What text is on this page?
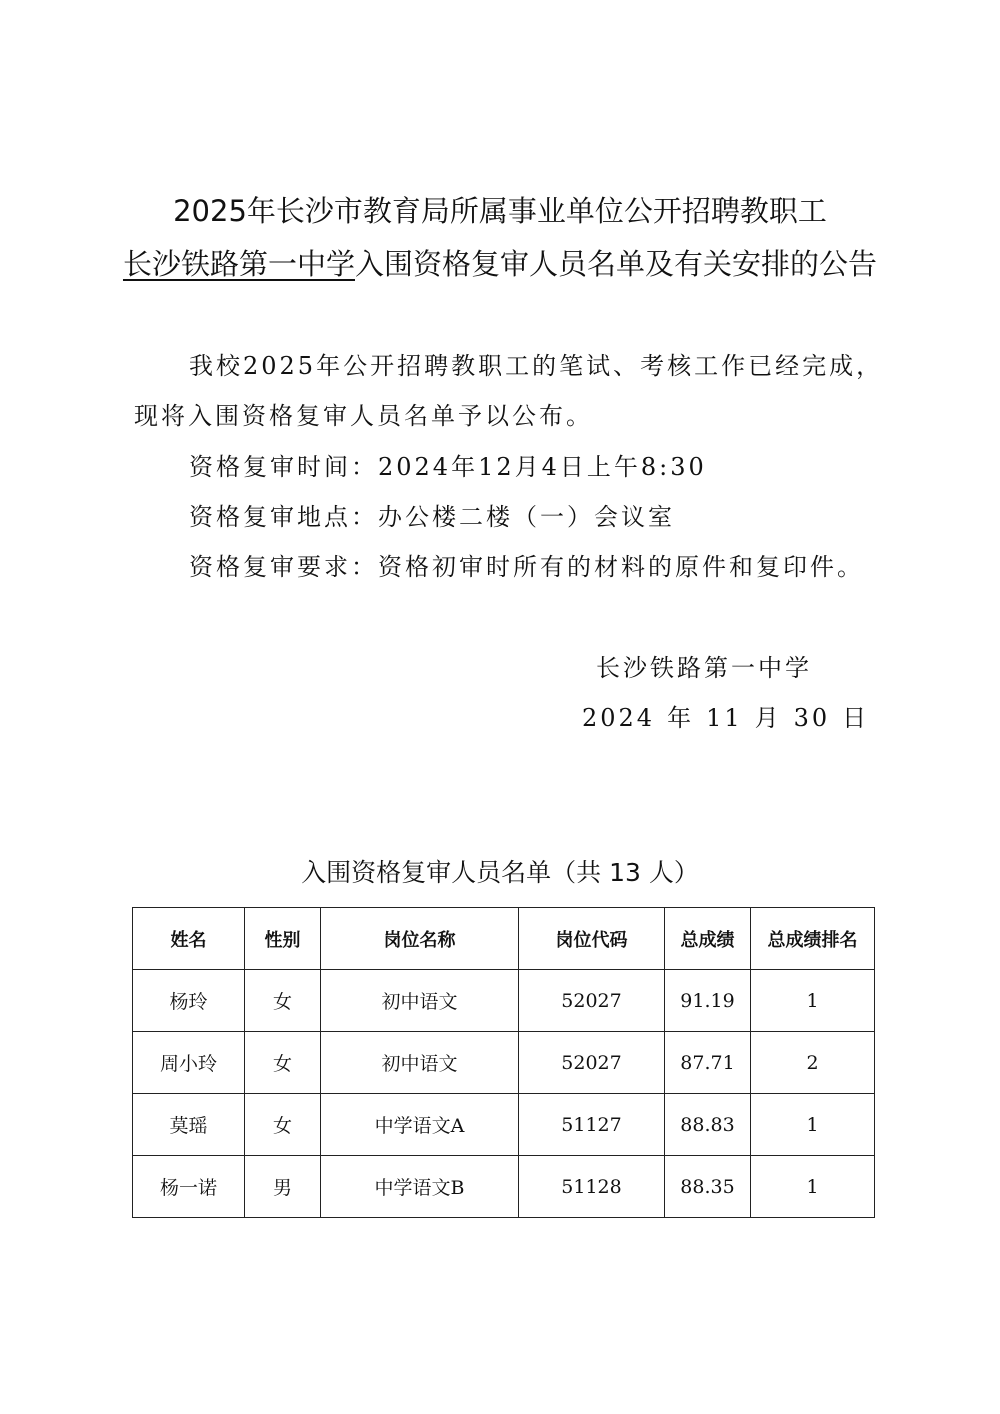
2025年长沙市教育局所属事业单位公开招聘教职工
长沙铁路第一中学入围资格复审人员名单及有关安排的公告
我校2025年公开招聘教职工的笔试、考核工作已经完成，
现将入围资格复审人员名单予以公布。
资格复审时间：2024年12月4日上午8:30
资格复审地点：办公楼二楼（一）会议室
资格复审要求：资格初审时所有的材料的原件和复印件。
长沙铁路第一中学
2024 年 11 月 30 日
入围资格复审人员名单（共 13 人）
姓名	性别	岗位名称	岗位代码	总成绩	总成绩排名
杨玲	女	初中语文	52027	91.19	1
周小玲	女	初中语文	52027	87.71	2
莫瑶	女	中学语文A	51127	88.83	1
杨一诺	男	中学语文B	51128	88.35	1
